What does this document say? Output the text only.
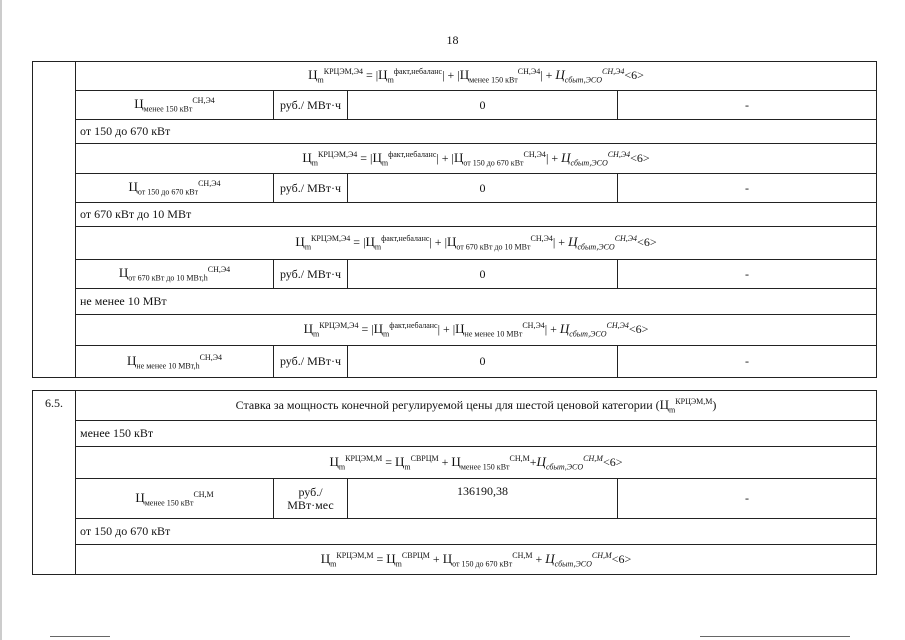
18
	$Ц_m^{КРЦЭМ,Э4} = |Ц_m^{факт,небаланс}| + |Ц_{менее 150 кВт}^{СН,Э4}| + Ц_{сбыт,ЭСО}^{СН,Э4}<6>$			
	$Ц_{менее 150 кВт}^{СН,Э4}$	руб./ МВт·ч	0	-
	от 150 до 670 кВт			
	$Ц_m^{КРЦЭМ,Э4} = |Ц_m^{факт,небаланс}| + |Ц_{от 150 до 670 кВт}^{СН,Э4}| + Ц_{сбыт,ЭСО}^{СН,Э4}<6>$			
	$Ц_{от 150 до 670 кВт}^{СН,Э4}$	руб./ МВт·ч	0	-
	от 670 кВт до 10 МВт			
	$Ц_m^{КРЦЭМ,Э4} = |Ц_m^{факт,небаланс}| + |Ц_{от 670 кВт до 10 МВт}^{СН,Э4}| + Ц_{сбыт,ЭСО}^{СН,Э4}<6>$			
	$Ц_{от 670 кВт до 10 МВт,h}^{СН,Э4}$	руб./ МВт·ч	0	-
	не менее 10 МВт			
	$Ц_m^{КРЦЭМ,Э4} = |Ц_m^{факт,небаланс}| + |Ц_{не менее 10 МВт}^{СН,Э4}| + Ц_{сбыт,ЭСО}^{СН,Э4}<6>$			
	$Ц_{не менее 10 МВт,h}^{СН,Э4}$	руб./ МВт·ч	0	-
6.5.	Ставка за мощность конечной регулируемой цены для шестой ценовой категории $(Ц_m^{КРЦЭМ,М})$			
	менее 150 кВт			
	$Ц_m^{КРЦЭМ,М} = Ц_m^{СВРЦМ} + Ц_{менее 150 кВт}^{СН,М}+Ц_{сбыт,ЭСО}^{СН,М}<6>$			
	$Ц_{менее 150 кВт}^{СН,М}$	руб./
МВт·мес	136190,38	-
	от 150 до 670 кВт			
	$Ц_m^{КРЦЭМ,М} = Ц_m^{СВРЦМ} + Ц_{от 150 до 670 кВт}^{СН,М} + Ц_{сбыт,ЭСО}^{СН,М}<6>$			
